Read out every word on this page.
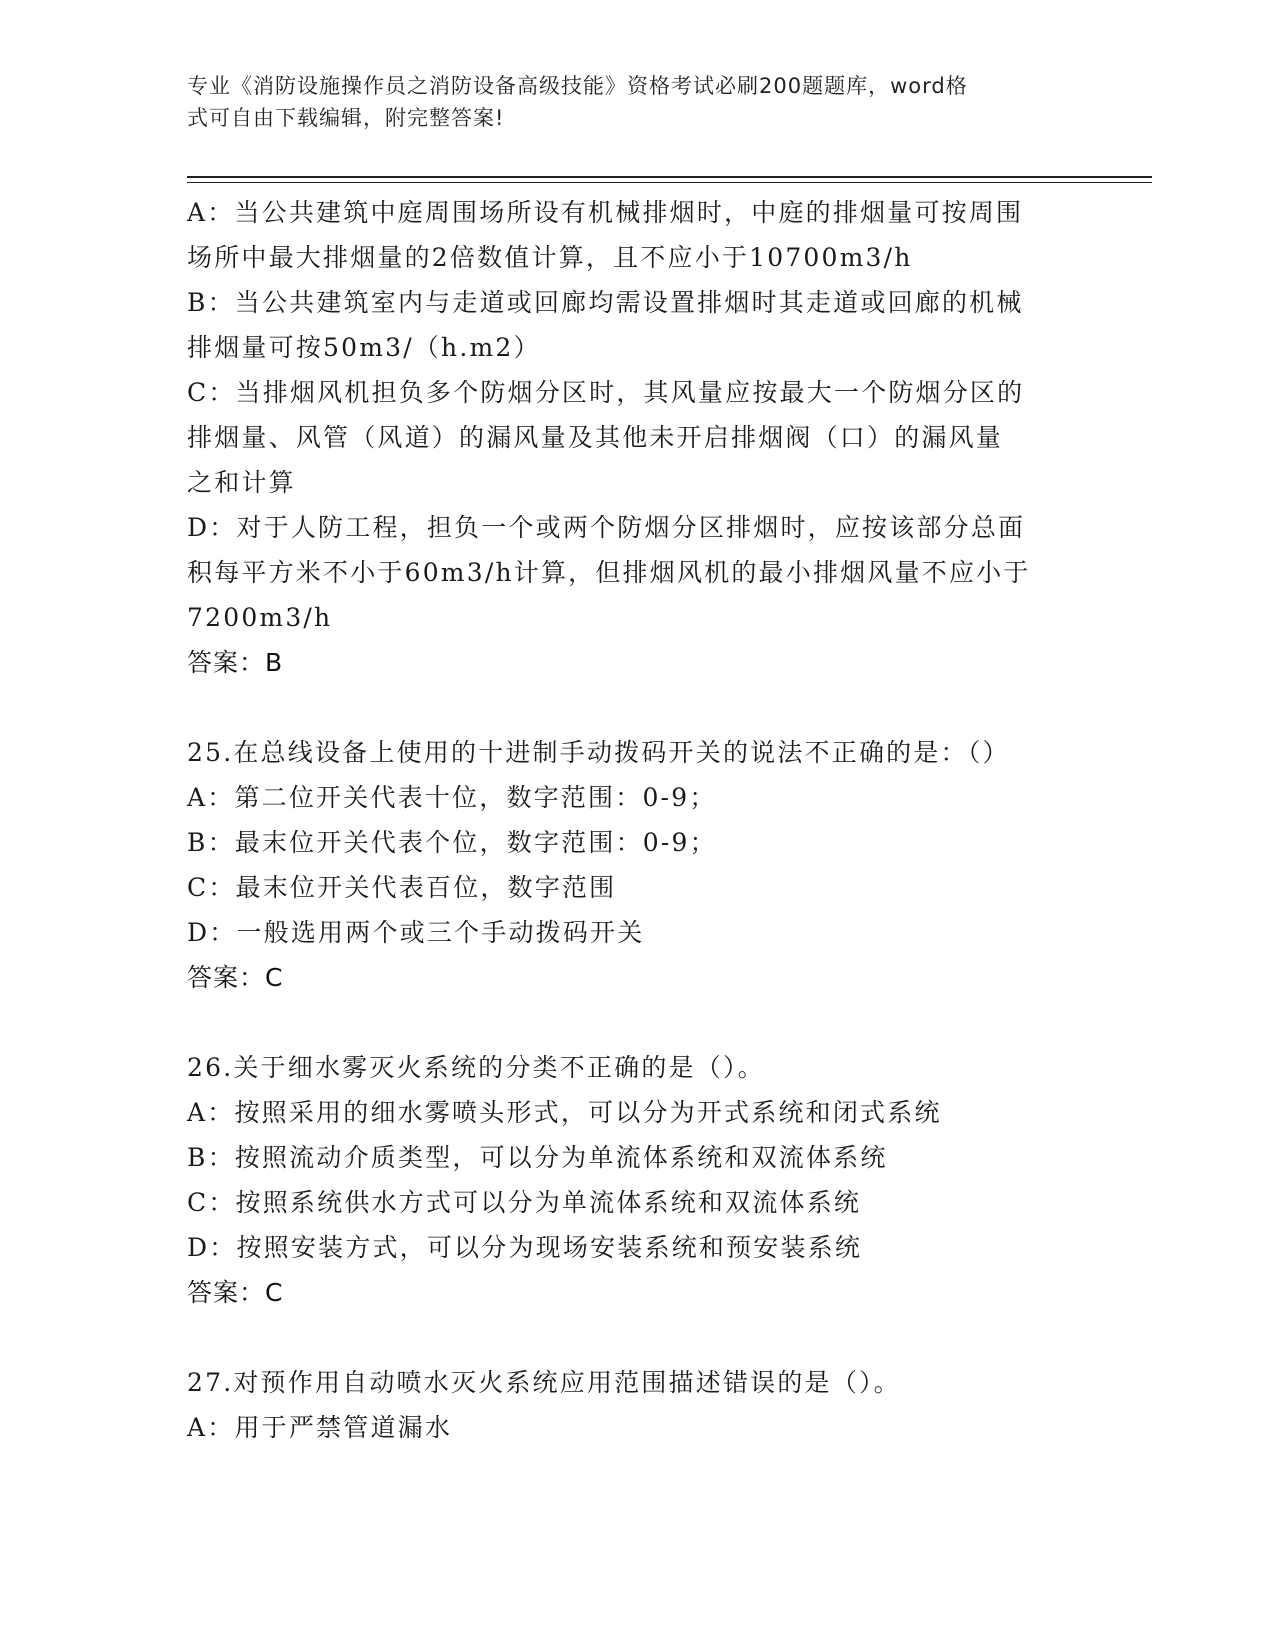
专业《消防设施操作员之消防设备高级技能》资格考试必刷200题题库，word格
式可自由下载编辑，附完整答案!
A：当公共建筑中庭周围场所设有机械排烟时，中庭的排烟量可按周围
场所中最大排烟量的2倍数值计算，且不应小于10700m3/h
B：当公共建筑室内与走道或回廊均需设置排烟时其走道或回廊的机械
排烟量可按50m3/（h.m2）
C：当排烟风机担负多个防烟分区时，其风量应按最大一个防烟分区的
排烟量、风管（风道）的漏风量及其他未开启排烟阀（口）的漏风量
之和计算
D：对于人防工程，担负一个或两个防烟分区排烟时，应按该部分总面
积每平方米不小于60m3/h计算，但排烟风机的最小排烟风量不应小于
7200m3/h
答案：B
25.在总线设备上使用的十进制手动拨码开关的说法不正确的是：（）
A：第二位开关代表十位，数字范围：0-9；
B：最末位开关代表个位，数字范围：0-9；
C：最末位开关代表百位，数字范围
D：一般选用两个或三个手动拨码开关
答案：C
26.关于细水雾灭火系统的分类不正确的是（）。
A：按照采用的细水雾喷头形式，可以分为开式系统和闭式系统
B：按照流动介质类型，可以分为单流体系统和双流体系统
C：按照系统供水方式可以分为单流体系统和双流体系统
D：按照安装方式，可以分为现场安装系统和预安装系统
答案：C
27.对预作用自动喷水灭火系统应用范围描述错误的是（）。
A：用于严禁管道漏水
